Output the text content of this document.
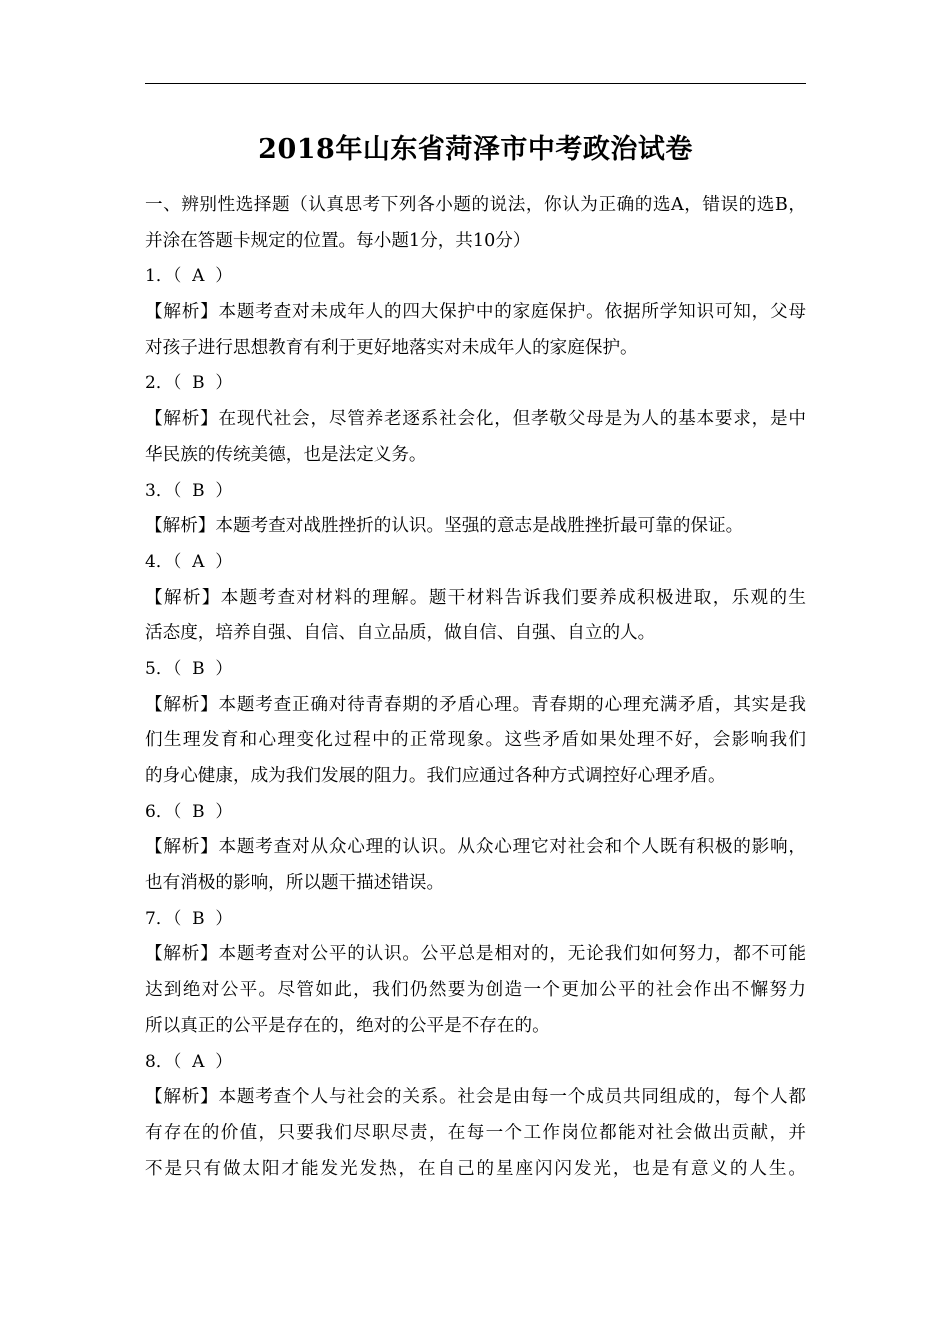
2018年山东省菏泽市中考政治试卷
一、辨别性选择题（认真思考下列各小题的说法，你认为正确的选A，错误的选B，
并涂在答题卡规定的位置。每小题1分，共10分）
1．（  A  ）
【解析】本题考查对未成年人的四大保护中的家庭保护。依据所学知识可知，父母
对孩子进行思想教育有利于更好地落实对未成年人的家庭保护。
2．（  B  ）
【解析】在现代社会，尽管养老逐系社会化，但孝敬父母是为人的基本要求，是中
华民族的传统美德，也是法定义务。
3．（  B  ）
【解析】本题考查对战胜挫折的认识。坚强的意志是战胜挫折最可靠的保证。
4．（  A  ）
【解析】本题考查对材料的理解。题干材料告诉我们要养成积极进取，乐观的生
活态度，培养自强、自信、自立品质，做自信、自强、自立的人。
5．（  B  ）
【解析】本题考查正确对待青春期的矛盾心理。青春期的心理充满矛盾，其实是我
们生理发育和心理变化过程中的正常现象。这些矛盾如果处理不好，会影响我们
的身心健康，成为我们发展的阻力。我们应通过各种方式调控好心理矛盾。
6．（  B  ）
【解析】本题考查对从众心理的认识。从众心理它对社会和个人既有积极的影响，
也有消极的影响，所以题干描述错误。
7．（  B  ）
【解析】本题考查对公平的认识。公平总是相对的，无论我们如何努力，都不可能
达到绝对公平。尽管如此，我们仍然要为创造一个更加公平的社会作出不懈努力
所以真正的公平是存在的，绝对的公平是不存在的。
8．（  A  ）
【解析】本题考查个人与社会的关系。社会是由每一个成员共同组成的，每个人都
有存在的价值，只要我们尽职尽责，在每一个工作岗位都能对社会做出贡献，并
不是只有做太阳才能发光发热，在自己的星座闪闪发光，也是有意义的人生。
